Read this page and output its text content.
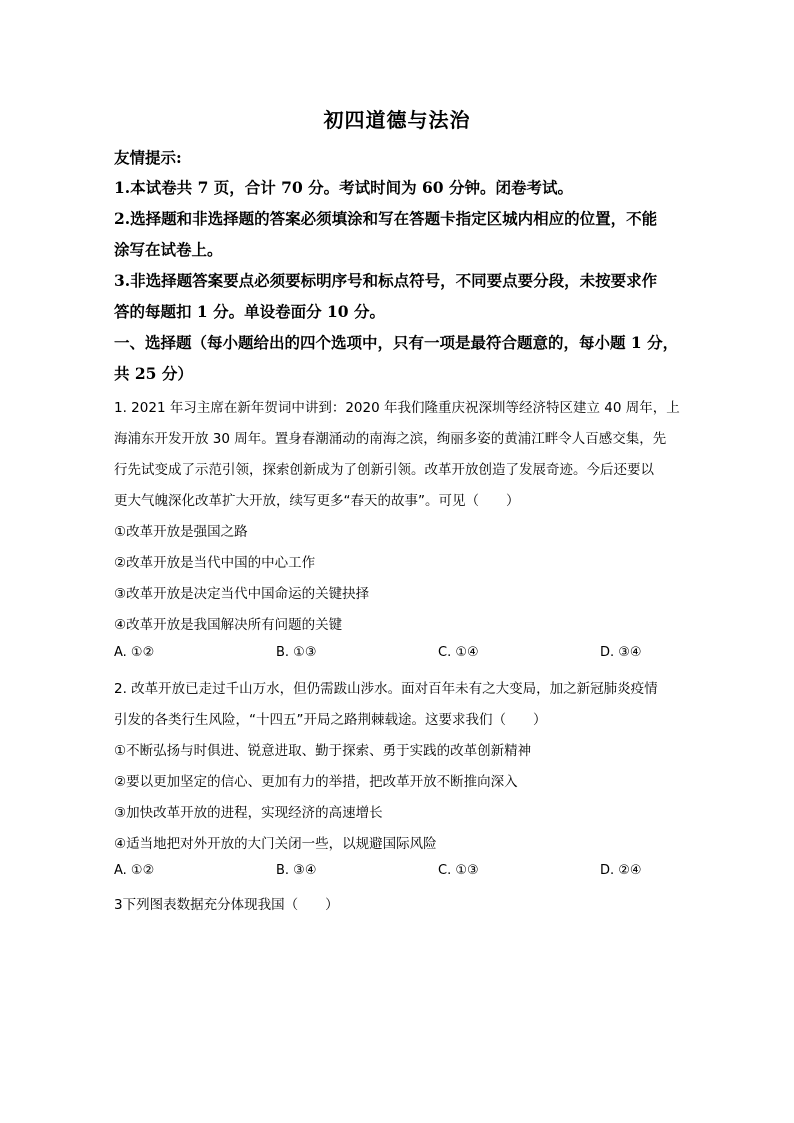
初四道德与法治
友情提示:
1.本试卷共 7 页，合计 70 分。考试时间为 60 分钟。闭卷考试。
2.选择题和非选择题的答案必须填涂和写在答题卡指定区城内相应的位置，不能
涂写在试卷上。
3.非选择题答案要点必须要标明序号和标点符号，不同要点要分段，未按要求作
答的每题扣 1 分。单设卷面分 10 分。
一、选择题（每小题给出的四个选项中，只有一项是最符合题意的，每小题 1 分，
共 25 分）
1. 2021 年习主席在新年贺词中讲到：2020 年我们隆重庆祝深圳等经济特区建立 40 周年，上
海浦东开发开放 30 周年。置身春潮涌动的南海之滨，绚丽多姿的黄浦江畔令人百感交集，先
行先试变成了示范引领，探索创新成为了创新引领。改革开放创造了发展奇迹。今后还要以
更大气魄深化改革扩大开放，续写更多“春天的故事”。可见（　　）
①改革开放是强国之路
②改革开放是当代中国的中心工作
③改革开放是决定当代中国命运的关键抉择
④改革开放是我国解决所有问题的关键
A. ①②	B. ①③	C. ①④	D. ③④
2. 改革开放已走过千山万水，但仍需跋山涉水。面对百年未有之大变局，加之新冠肺炎疫情
引发的各类行生风险，“十四五”开局之路荆棘载途。这要求我们（　　）
①不断弘扬与时俱进、锐意进取、勤于探索、勇于实践的改革创新精神
②要以更加坚定的信心、更加有力的举措，把改革开放不断推向深入
③加快改革开放的进程，实现经济的高速增长
④适当地把对外开放的大门关闭一些，以规避国际风险
A. ①②	B. ③④	C. ①③	D. ②④
3下列图表数据充分体现我国（　　）
